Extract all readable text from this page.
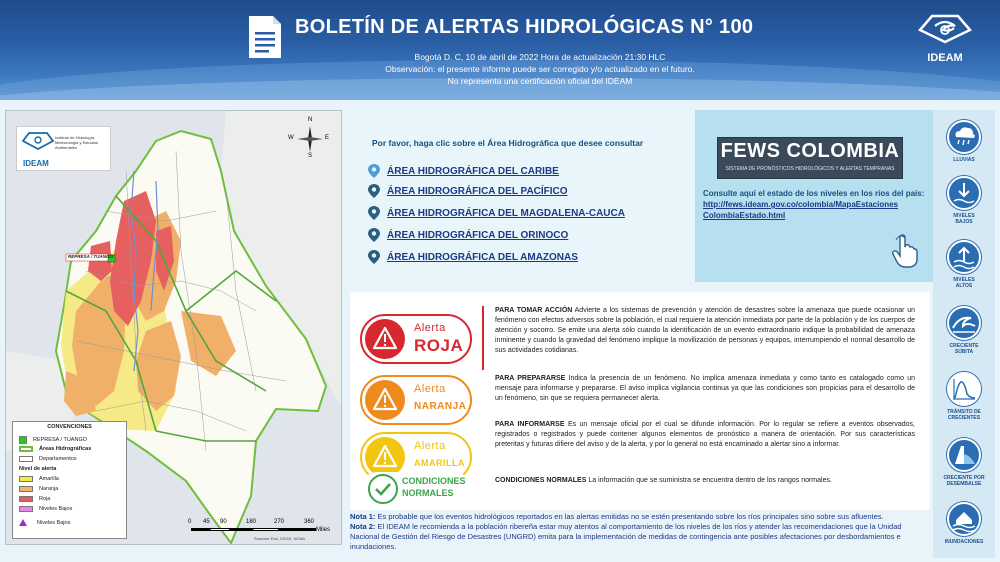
BOLETÍN DE ALERTAS HIDROLÓGICAS N° 100
Bogotá D. C, 10 de abril de 2022 Hora de actualización 21:30 HLC
Observación: el presente informe puede ser corregido y/o actualizado en el futuro.
No representa una certificación oficial del IDEAM
IDEAM
REPRESA / TUANGO
IDEAM
Instituto de Hidrología, Meteorología y Estudios Ambientales
N
S
E
W
CONVENCIONES
REPRESA / TUANGO
Áreas Hidrográficas
Departamentos
Nivel de alerta
Amarilla
Naranja
Roja
Niveles Bajos
Niveles Bajos	0 45 90	180	270	360
Miles
Sources: Esri, USGS, NOAA
Por favor, haga clic sobre el Área Hidrográfica que desee consultar
ÁREA HIDROGRÁFICA DEL CARIBE
ÁREA HIDROGRÁFICA DEL PACÍFICO
ÁREA HIDROGRÁFICA DEL MAGDALENA-CAUCA
ÁREA HIDROGRÁFICA DEL ORINOCO
ÁREA HIDROGRÁFICA DEL AMAZONAS
FEWS COLOMBIA
SISTEMA DE PRONÓSTICOS HIDROLÓGICOS Y ALERTAS TEMPRANAS
Consulte aquí el estado de los niveles en los ríos del país:
http://fews.ideam.gov.co/colombia/MapaEstacionesColombiaEstado.html
LLUVIAS
NIVELES BAJOS
NIVELES ALTOS
CRECIENTE SÚBITA
TRÁNSITO DE CRECIENTES
CRECIENTE POR DESEMBALSE
INUNDACIONES
Alerta
ROJA
PARA TOMAR ACCIÓN Advierte a los sistemas de prevención y atención de desastres sobre la amenaza que puede ocasionar un fenómeno con efectos adversos sobre la población, el cual requiere la atención inmediata por parte de la población y de los cuerpos de atención y socorro. Se emite una alerta sólo cuando la identificación de un evento extraordinario indique la probabilidad de amenaza inminente y cuando la gravedad del fenómeno implique la movilización de personas y equipos, interrumpiendo el normal desarrollo de sus actividades cotidianas.
Alerta
NARANJA
PARA PREPARARSE Indica la presencia de un fenómeno. No implica amenaza inmediata y como tanto es catalogado como un mensaje para informarse y prepararse. El aviso implica vigilancia continua ya que las condiciones son propicias para el desarrollo de un fenómeno, sin que se requiera permanecer alerta.
Alerta
AMARILLA
PARA INFORMARSE Es un mensaje oficial por el cual se difunde información. Por lo regular se refiere a eventos observados, registrados o registrados y puede contener algunos elementos de pronóstico a manera de orientación. Por sus características preteritas y futuras difiere del aviso y de la alerta, y por lo general no está encaminado a alertar sino a informar.
CONDICIONES
NORMALES
CONDICIONES NORMALES La información que se suministra se encuentra dentro de los rangos normales.
Nota 1: Es probable que los eventos hidrológicos reportados en las alertas emitidas no se estén presentando sobre los ríos principales sino sobre sus afluentes.
Nota 2: El IDEAM le recomienda a la población ribereña estar muy atentos al comportamiento de los niveles de los ríos y atender las recomendaciones que la Unidad Nacional de Gestión del Riesgo de Desastres (UNGRD) emita para la implementación de medidas de contingencia ante posibles afectaciones por desbordamientos e inundaciones.
